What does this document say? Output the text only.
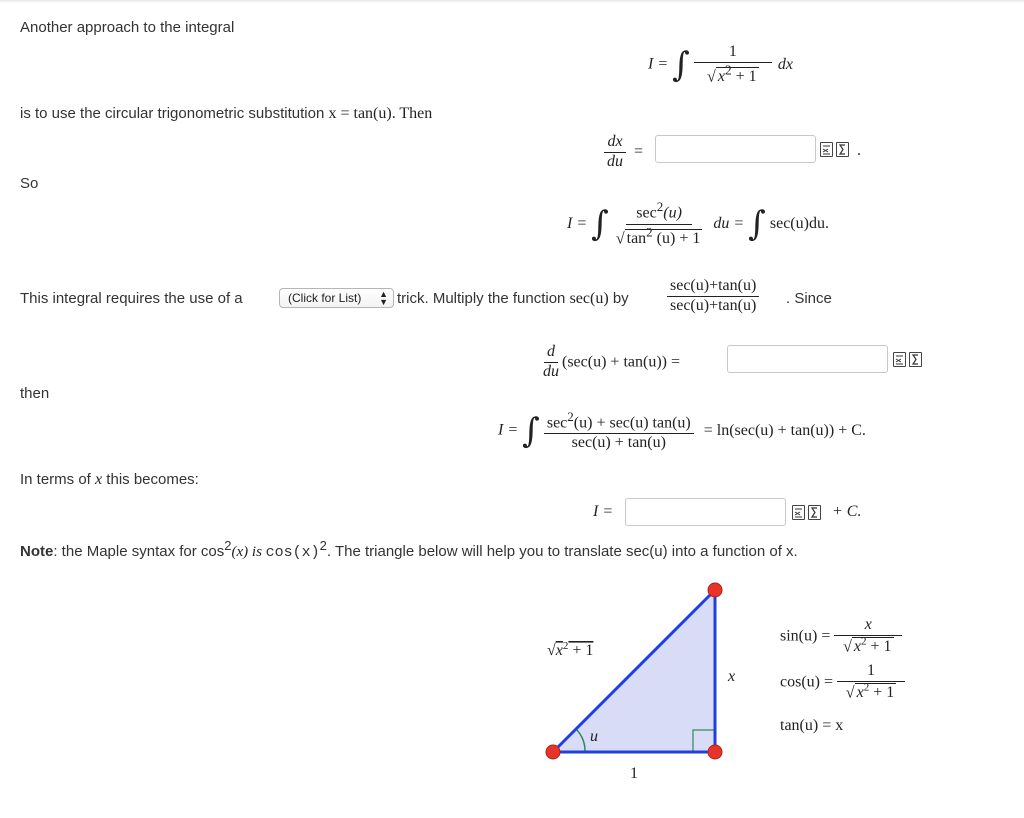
Another approach to the integral
I = ∫ $\frac{1}{√ x^2 + 1}$ dx
is to use the circular trigonometric substitution x = tan(u). Then
$\frac{dx}{du}$ =	.
So
I = ∫ $\frac{\sec^2(u)}{√ \tan^2 (u) + 1}$ du = ∫ sec(u)du.
This integral requires the use of a	(Click for List) ▲
▼ trick. Multiply the function sec(u) by $\frac{\sec(u)+\tan(u)}{\sec(u)+\tan(u)}$ . Since
$\frac{d}{du} (\sec(u) + \tan(u))$ =
then
I = ∫ $\frac{\sec^2(u) + \sec(u) \tan(u)}{\sec(u) + \tan(u)} = \ln(\sec(u) + \tan(u)) + C$.
In terms of x this becomes:
I =	+ C.
Note: the Maple syntax for $\cos^2(x)$ is $\cos(x)^2$. The triangle below will help you to translate sec(u) into a function of x.
$√x^2 + 1$
x
1
u
$\sin(u) = \frac{x}{√ x^2 + 1}$
$\cos(u) = \frac{1}{√ x^2 + 1}$
tan(u) = x
